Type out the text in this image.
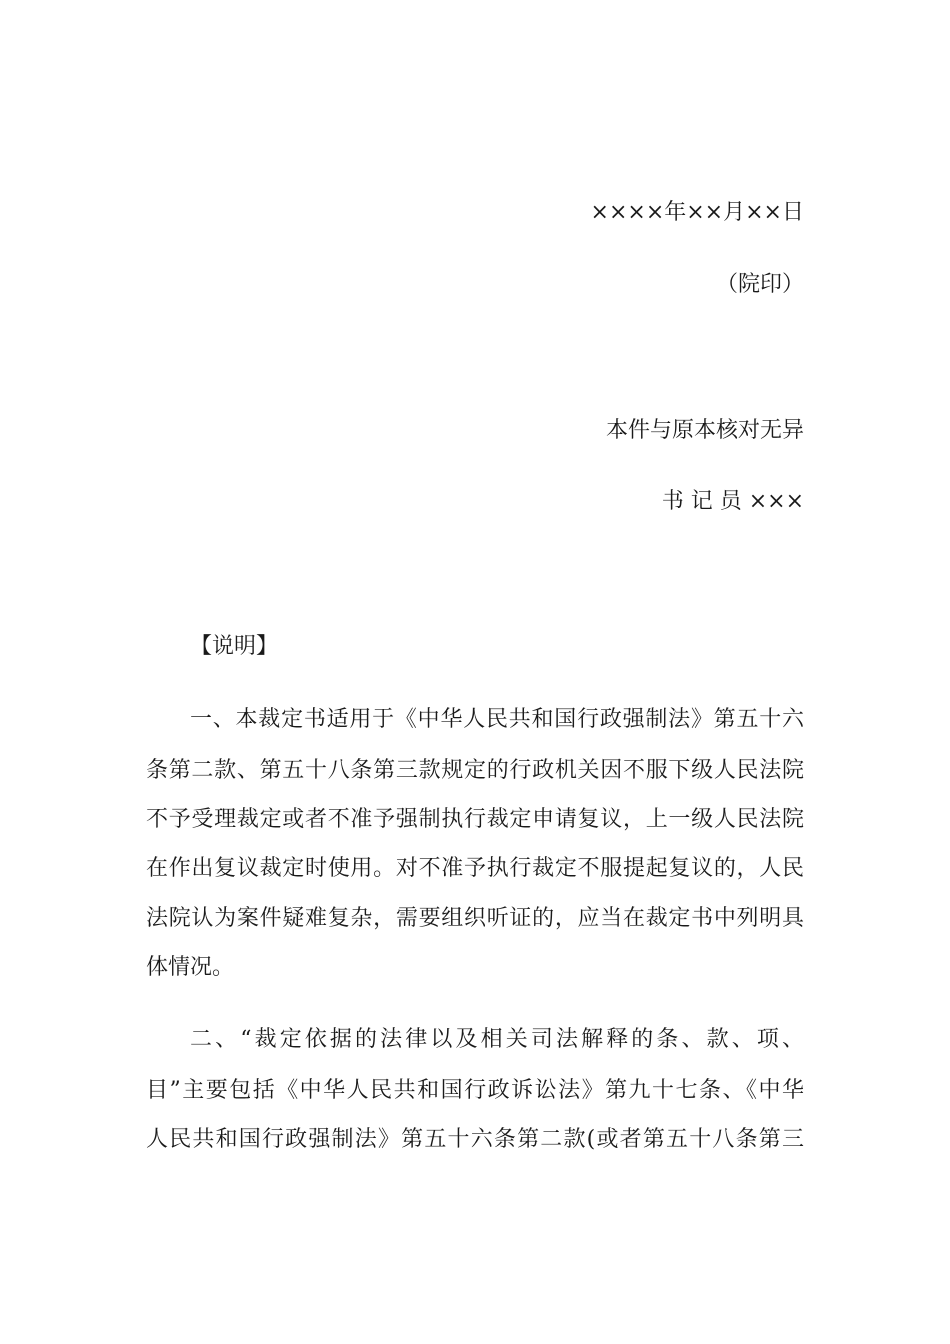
××××年××月××日
（院印）
本件与原本核对无异
书 记 员 ×××
【说明】
一、本裁定书适用于《中华人民共和国行政强制法》第五十六
条第二款、第五十八条第三款规定的行政机关因不服下级人民法院
不予受理裁定或者不准予强制执行裁定申请复议，上一级人民法院
在作出复议裁定时使用。对不准予执行裁定不服提起复议的，人民
法院认为案件疑难复杂，需要组织听证的，应当在裁定书中列明具
体情况。
二、“裁定依据的法律以及相关司法解释的条、款、项、
目”主要包括《中华人民共和国行政诉讼法》第九十七条、《中华
人民共和国行政强制法》第五十六条第二款(或者第五十八条第三
